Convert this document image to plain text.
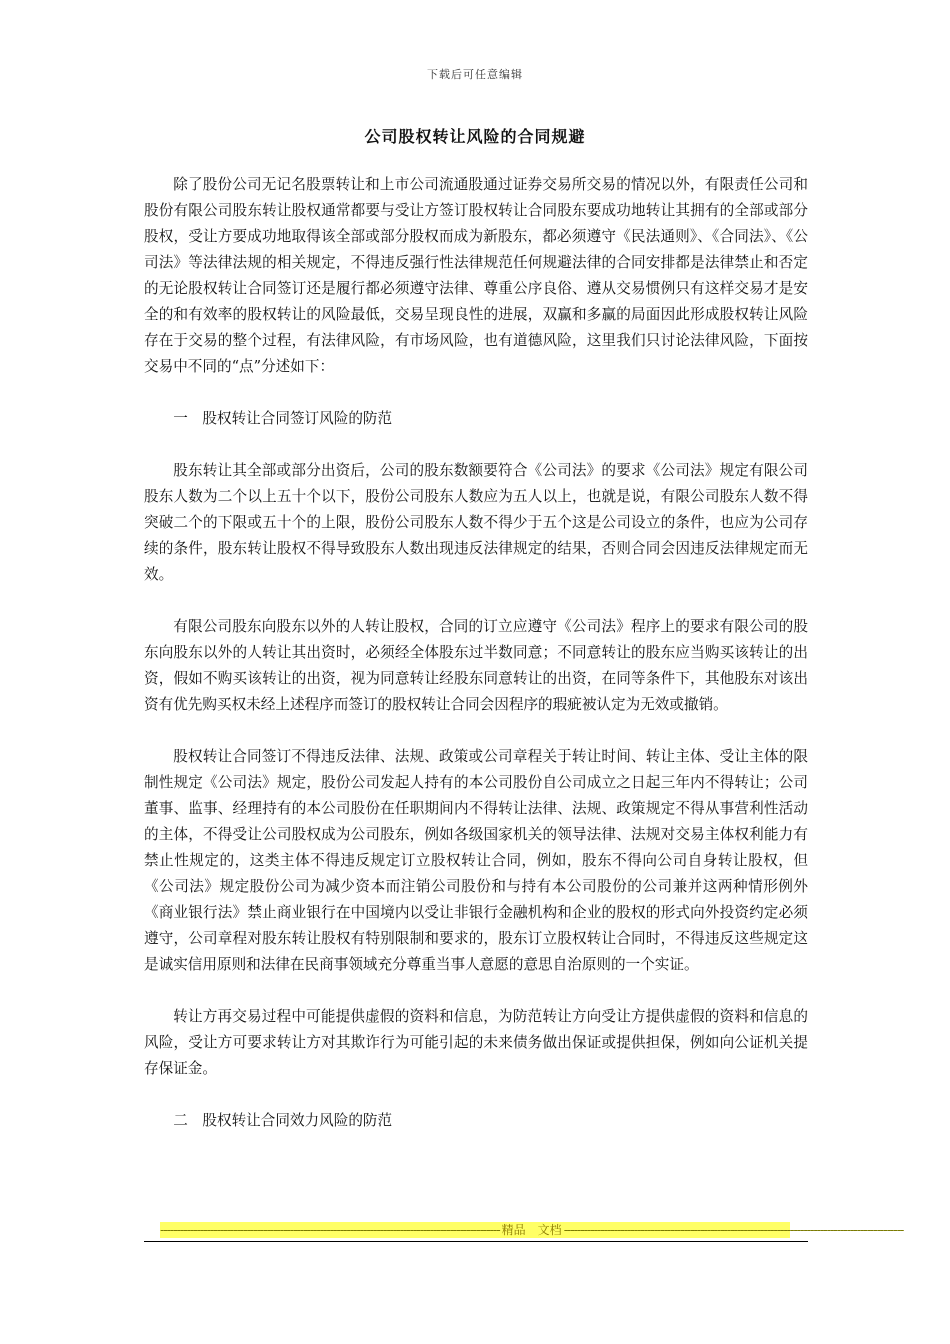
下载后可任意编辑
公司股权转让风险的合同规避

除了股份公司无记名股票转让和上市公司流通股通过证券交易所交易的情况以外，有限责任公司和股份有限公司股东转让股权通常都要与受让方签订股权转让合同股东要成功地转让其拥有的全部或部分股权，受让方要成功地取得该全部或部分股权而成为新股东，都必须遵守《民法通则》、《合同法》、《公司法》等法律法规的相关规定，不得违反强行性法律规范任何规避法律的合同安排都是法律禁止和否定的无论股权转让合同签订还是履行都必须遵守法律、尊重公序良俗、遵从交易惯例只有这样交易才是安全的和有效率的股权转让的风险最低，交易呈现良性的进展，双赢和多赢的局面因此形成股权转让风险存在于交易的整个过程，有法律风险，有市场风险，也有道德风险，这里我们只讨论法律风险，下面按交易中不同的“点”分述如下：

一　股权转让合同签订风险的防范

股东转让其全部或部分出资后，公司的股东数额要符合《公司法》的要求《公司法》规定有限公司股东人数为二个以上五十个以下，股份公司股东人数应为五人以上，也就是说，有限公司股东人数不得突破二个的下限或五十个的上限，股份公司股东人数不得少于五个这是公司设立的条件，也应为公司存续的条件，股东转让股权不得导致股东人数出现违反法律规定的结果，否则合同会因违反法律规定而无效。

有限公司股东向股东以外的人转让股权，合同的订立应遵守《公司法》程序上的要求有限公司的股东向股东以外的人转让其出资时，必须经全体股东过半数同意；不同意转让的股东应当购买该转让的出资，假如不购买该转让的出资，视为同意转让经股东同意转让的出资，在同等条件下，其他股东对该出资有优先购买权未经上述程序而签订的股权转让合同会因程序的瑕疵被认定为无效或撤销。

股权转让合同签订不得违反法律、法规、政策或公司章程关于转让时间、转让主体、受让主体的限制性规定《公司法》规定，股份公司发起人持有的本公司股份自公司成立之日起三年内不得转让；公司董事、监事、经理持有的本公司股份在任职期间内不得转让法律、法规、政策规定不得从事营利性活动的主体，不得受让公司股权成为公司股东，例如各级国家机关的领导法律、法规对交易主体权利能力有禁止性规定的，这类主体不得违反规定订立股权转让合同，例如，股东不得向公司自身转让股权，但《公司法》规定股份公司为减少资本而注销公司股份和与持有本公司股份的公司兼并这两种情形例外《商业银行法》禁止商业银行在中国境内以受让非银行金融机构和企业的股权的形式向外投资约定必须遵守，公司章程对股东转让股权有特别限制和要求的，股东订立股权转让合同时，不得违反这些规定这是诚实信用原则和法律在民商事领域充分尊重当事人意愿的意思自治原则的一个实证。

转让方再交易过程中可能提供虚假的资料和信息，为防范转让方向受让方提供虚假的资料和信息的风险，受让方可要求转让方对其欺诈行为可能引起的未来债务做出保证或提供担保，例如向公证机关提存保证金。

二　股权转让合同效力风险的防范

------------------------------------------------------------------------------------------------------ 精品　文档 ------------------------------------------------------------------------------------------------------
